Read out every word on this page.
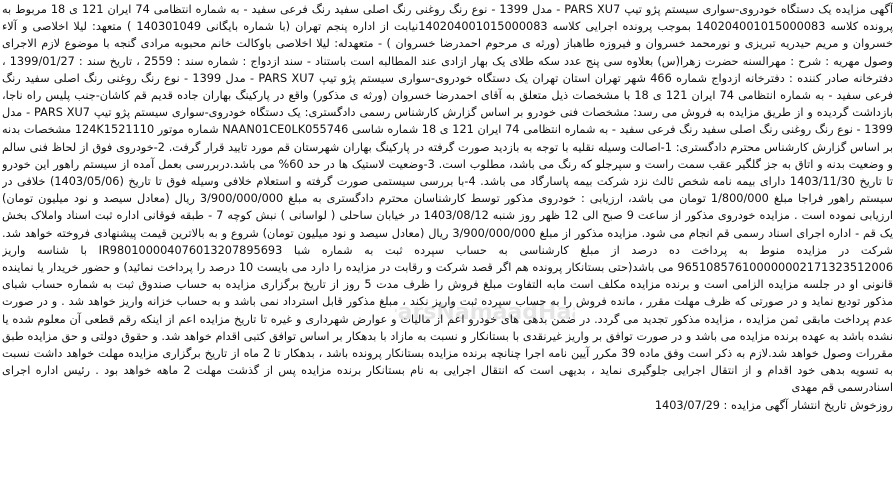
آگهی مزایده یک دستگاه خودروی-سواری سیستم پژو تیپ PARS XU7 - مدل 1399 - نوع رنگ روغنی رنگ اصلی سفید رنگ فرعی سفید - به شماره انتظامی 74 ایران 121 ی 18 مربوط به پرونده کلاسه 140204001015000083 بموجب پرونده اجرایی کلاسه 140204001015000083نیابت از اداره پنجم تهران (با شماره بایگانی 140301049 ) متعهد: لیلا اخلاصی و آلاء خسروان و مریم حیدریه تبریزی و نورمحمد خسروان و فیروزه طاهباز (ورثه ی مرحوم احمدرضا خسروان ) - متعهدله: لیلا اخلاصی باوکالت خانم محبوبه مرادی گنجه با موضوع لازم الاجرای وصول مهریه : شرح : مهرالسنه حضرت زهرا(س) بعلاوه سی پنج عدد سکه طلای یک بهار ازادی عند المطالبه است باستناد - سند ازدواج : شماره سند : 2559 ، تاریخ سند : 1399/01/27 ، دفترخانه صادر کننده : دفترخانه ازدواج شماره 466 شهر تهران استان تهران یک دستگاه خودروی-سواری سیستم پژو تیپ PARS XU7 - مدل 1399 - نوع رنگ روغنی رنگ اصلی سفید رنگ فرعی سفید - به شماره انتظامی 74 ایران 121 ی 18 با مشخصات ذیل متعلق به آقای احمدرضا خسروان (ورثه ی مذکور) واقع در پارکینگ بهاران جاده قدیم قم کاشان-جنب پلیس راه ناجا، بازداشت گردیده و از طریق مزایده به فروش می رسد: مشخصات فنی خودرو بر اساس گزارش کارشناس رسمی دادگستری: یک دستگاه خودروی-سواری سیستم پژو تیپ PARS XU7 - مدل 1399 - نوع رنگ روغنی رنگ اصلی سفید رنگ فرعی سفید - به شماره انتظامی 74 ایران 121 ی 18 شماره شاسی NAAN01CE0LK055746 شماره موتور 124K1521110 مشخصات بدنه بر اساس گزارش کارشناس محترم دادگستری: 1-اصالت وسیله نقلیه با توجه به بازدید صورت گرفته در پارکینگ بهاران شهرستان قم مورد تایید قرار گرفت. 2-خودروی فوق از لحاظ فنی سالم و وضعیت بدنه و اتاق به جز گلگیر عقب سمت راست و سپرجلو که رنگ می باشد، مطلوب است. 3-وضعیت لاستیک ها در حد 60% می باشد.دربررسی بعمل آمده از سیستم راهور این خودرو تا تاریخ 1403/11/30 دارای بیمه نامه شخص ثالث نزد شرکت بیمه پاسارگاد می باشد. 4-با بررسی سیستمی صورت گرفته و استعلام خلافی وسیله فوق تا تاریخ (1403/05/06) خلافی در سیستم راهور فراجا مبلغ 1/800/000 تومان می باشد، ارزیابی : خودروی مذکور توسط کارشناسان محترم دادگستری به مبلغ 3/900/000/000 ریال (معادل سیصد و نود میلیون تومان) ارزیابی نموده است . مزایده خودروی مذکور از ساعت 9 صبح الی 12 ظهر روز شنبه 1403/08/12 در خیابان ساحلی ( لواسانی ) نبش کوچه 7 - طبقه فوقانی اداره ثبت اسناد واملاک بخش یک قم - اداره اجرای اسناد رسمی قم انجام می شود. مزایده مذکور از مبلغ 3/900/000/000 ریال (معادل سیصد و نود میلیون تومان) شروع و به بالاترین قیمت پیشنهادی فروخته خواهد شد. شرکت در مزایده منوط به پرداخت ده درصد از مبلغ کارشناسی به حساب سپرده ثبت به شماره شبا IR980100004076013207895693 با شناسه واریز 965108576100000002171323512006 می باشد(حتی بستانکار پرونده هم اگر قصد شرکت و رقابت در مزایده را دارد می بایست 10 درصد را پرداخت نمائید) و حضور خریدار یا نماینده قانونی او در جلسه مزایده الزامی است و برنده مزایده مکلف است مابه التفاوت مبلغ فروش را ظرف مدت 5 روز از تاریخ برگزاری مزایده به حساب صندوق ثبت به شماره حساب شبای مذکور تودیع نماید و در صورتی که ظرف مهلت مقرر ، مانده فروش را به حساب سپرده ثبت واریز نکند ، مبلغ مذکور قابل استرداد نمی باشد و به حساب خزانه واریز خواهد شد . و در صورت عدم پرداخت مابقی ثمن مزایده ، مزایده مذکور تجدید می گردد. در ضمن بدهی های خودرو اعم از مالیات و عوارض شهرداری و غیره تا تاریخ مزایده اعم از اینکه رقم قطعی آن معلوم شده یا نشده باشد به عهده برنده مزایده می باشد و در صورت توافق بر واریز غیرنقدی با بستانکار و نسبت به مازاد با بدهکار بر اساس توافق کتبی اقدام خواهد شد. و حقوق دولتی و حق مزایده طبق مقررات وصول خواهد شد.لازم به ذکر است وفق ماده 39 مکرر آیین نامه اجرا چنانچه برنده مزایده بستانکار پرونده باشد ، بدهکار تا 2 ماه از تاریخ برگزاری مزایده مهلت خواهد داشت نسبت به تسویه بدهی خود اقدام و از انتقال اجرایی جلوگیری نماید ، بدیهی است که انتقال اجرایی به نام بستانکار برنده مزایده پس از گذشت مهلت 2 ماهه خواهد بود . رئیس اداره اجرای اسنادرسمی قم مهدی

روزخوش تاریخ انتشار آگهی مزایده : 1403/07/29

arsNamaadHaa
